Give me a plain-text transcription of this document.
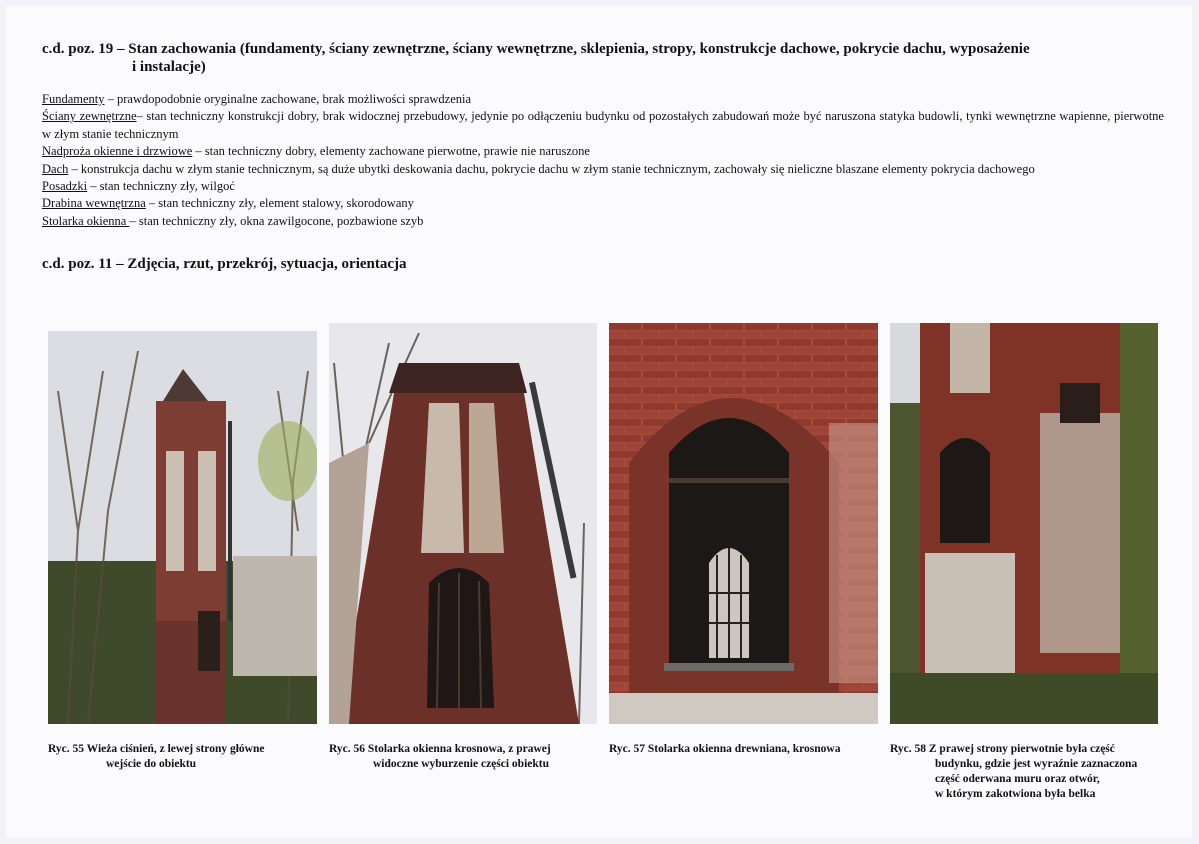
c.d. poz. 19 – Stan zachowania (fundamenty, ściany zewnętrzne, ściany wewnętrzne, sklepienia, stropy, konstrukcje dachowe, pokrycie dachu, wyposażenie
i instalacje)
Fundamenty – prawdopodobnie oryginalne zachowane, brak możliwości sprawdzenia
Ściany zewnętrzne– stan techniczny konstrukcji dobry, brak widocznej przebudowy, jedynie po odłączeniu budynku od pozostałych zabudowań może być naruszona statyka budowli, tynki wewnętrzne wapienne, pierwotne w złym stanie technicznym
Nadproża okienne i drzwiowe – stan techniczny dobry, elementy zachowane pierwotne, prawie nie naruszone
Dach – konstrukcja dachu w złym stanie technicznym, są duże ubytki deskowania dachu, pokrycie dachu w złym stanie technicznym, zachowały się nieliczne blaszane elementy pokrycia dachowego
Posadzki – stan techniczny zły, wilgoć
Drabina wewnętrzna – stan techniczny zły, element stalowy, skorodowany
Stolarka okienna – stan techniczny zły, okna zawilgocone, pozbawione szyb
c.d. poz. 11 – Zdjęcia, rzut, przekrój, sytuacja, orientacja
Ryc. 55 Wieża ciśnień, z lewej strony główne
wejście do obiektu
Ryc. 56 Stolarka okienna krosnowa, z prawej
widoczne wyburzenie części obiektu
Ryc. 57 Stolarka okienna drewniana, krosnowa	Ryc. 58 Z prawej strony pierwotnie była część
budynku, gdzie jest wyraźnie zaznaczona
część oderwana muru oraz otwór,
w którym zakotwiona była belka
